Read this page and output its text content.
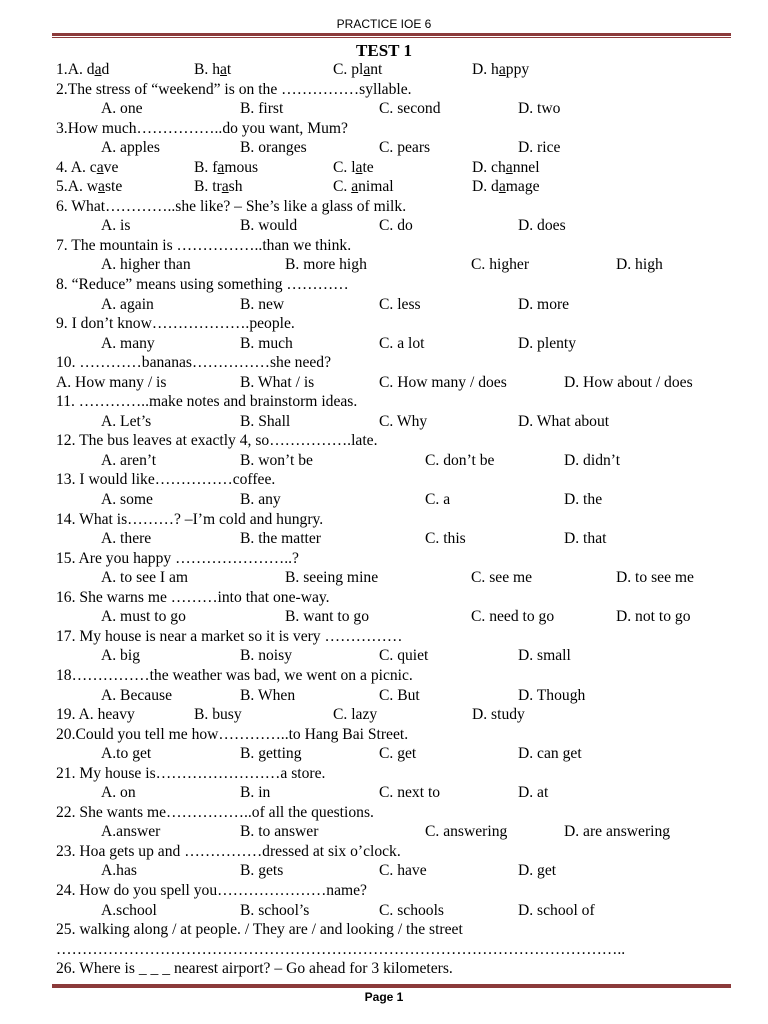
PRACTICE IOE 6
TEST 1
1.A. dad	B. hat	C. plant	D. happy
2.The stress of “weekend” is on the ……………syllable.
A. one	B. first	C. second	D. two
3.How much……………..do you want, Mum?
A. apples	B. oranges	C. pears	D. rice
4. A. cave	B. famous	C. late	D. channel
5.A. waste	B. trash	C. animal	D. damage
6. What…………..she like? – She’s like a glass of milk.
A. is	B. would	C. do	D. does
7. The mountain is ……………..than we think.
A. higher than	B. more high	C. higher	D. high
8. “Reduce” means using something …………
A. again	B. new	C. less	D. more
9. I don’t know……………….people.
A. many	B. much	C. a lot	D. plenty
10. …………bananas……………she need?
A. How many / is	B. What / is	C. How many / does	D. How about / does
11. …………..make notes and brainstorm ideas.
A. Let’s	B. Shall	C. Why	D. What about
12. The bus leaves at exactly 4, so…………….late.
A. aren’t	B. won’t be	C. don’t be	D. didn’t
13. I would like……………coffee.
A. some	B. any	C. a	D. the
14. What is………? –I’m cold and hungry.
A. there	B. the matter	C. this	D. that
15. Are you happy …………………..?
A. to see I am	B. seeing mine	C. see me	D. to see me
16. She warns me ………into that one-way.
A. must to go	B. want to go	C. need to go	D. not to go
17. My house is near a market so it is very ……………
A. big	B. noisy	C. quiet	D. small
18……………the weather was bad, we went on a picnic.
A. Because	B. When	C. But	D. Though
19. A. heavy	B. busy	C. lazy	D. study
20.Could you tell me how…………..to Hang Bai Street.
A.to get	B. getting	C. get	D. can get
21. My house is……………………a store.
A. on	B. in	C. next to	D. at
22. She wants me……………..of all the questions.
A.answer	B. to answer	C. answering	D. are answering
23. Hoa gets up and ……………dressed at six o’clock.
A.has	B. gets	C. have	D. get
24. How do you spell you…………………name?
A.school	B. school’s	C. schools	D. school of
25. walking along / at people. / They are / and looking / the street
………………………………………………………………………………………………..
26. Where is _ _ _ nearest airport? – Go ahead for 3 kilometers.
Page 1
